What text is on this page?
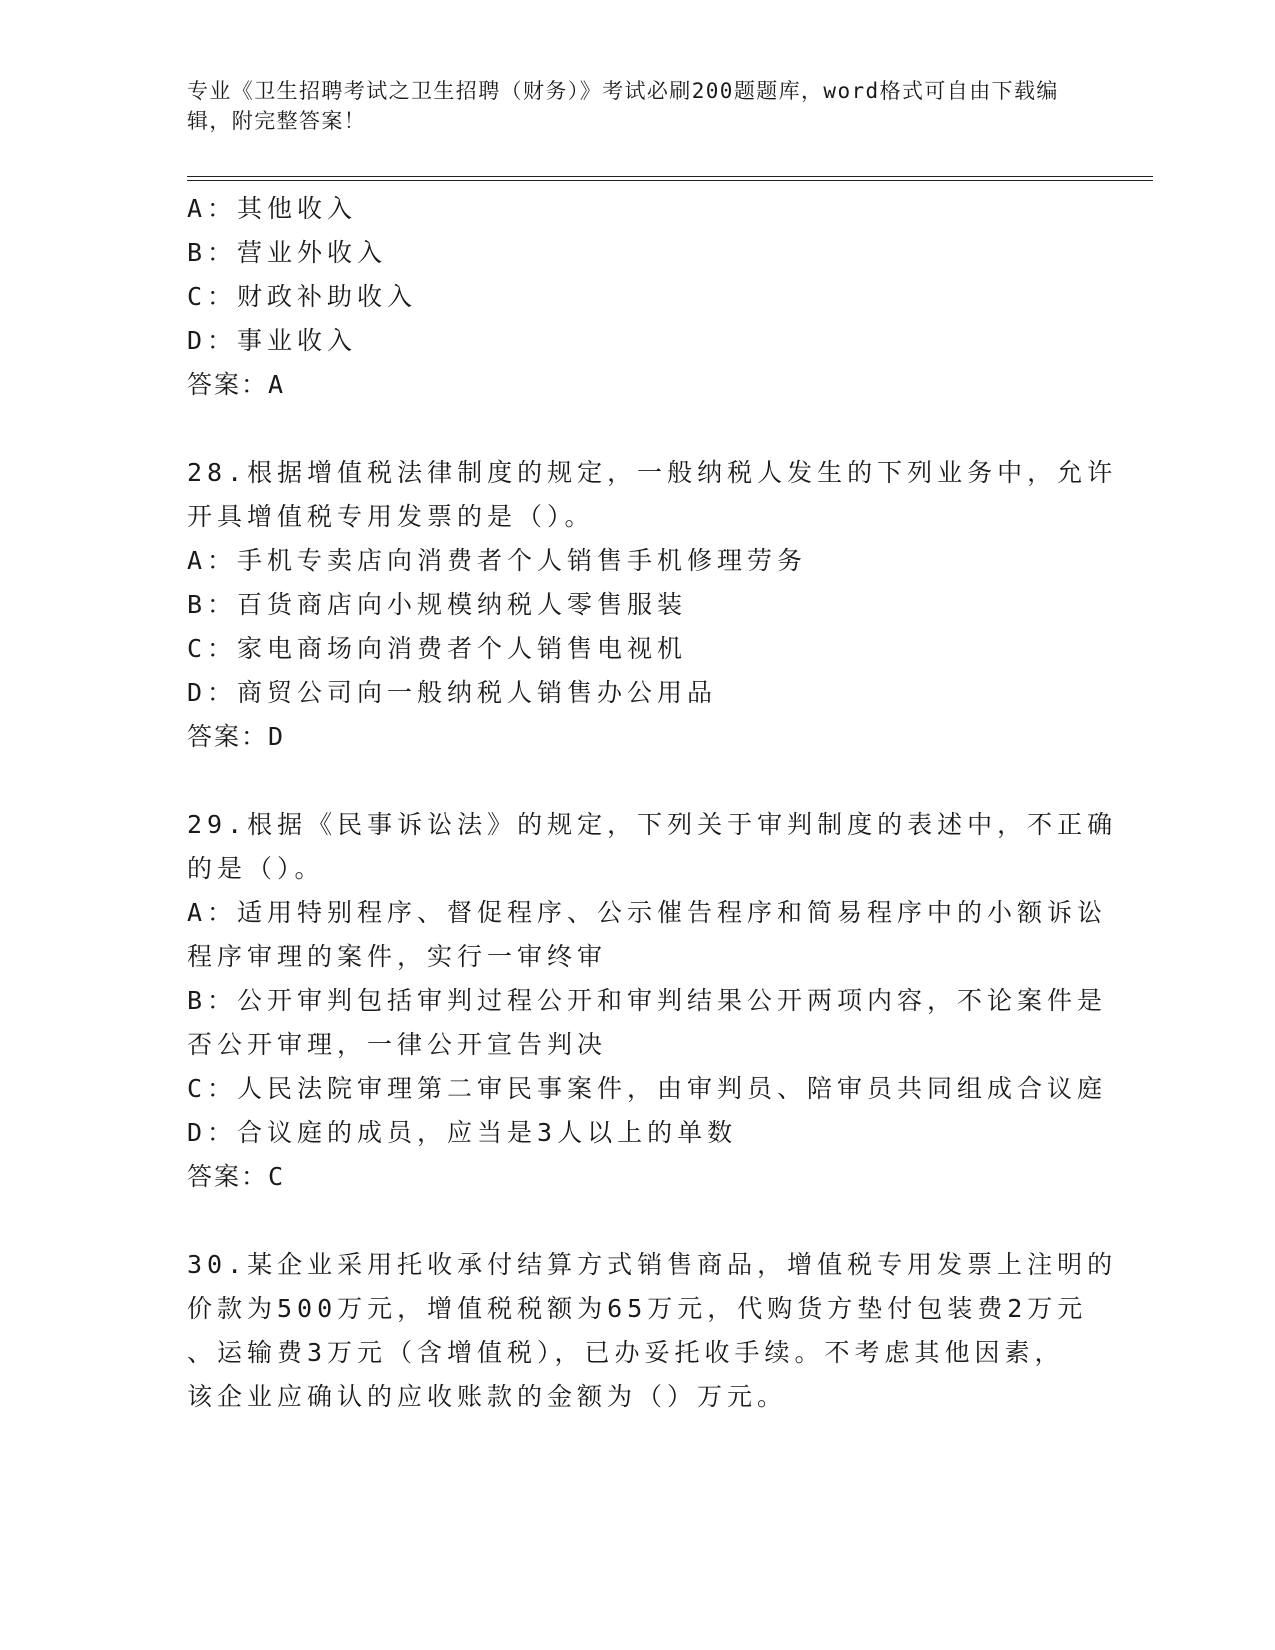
专业《卫生招聘考试之卫生招聘（财务）》考试必刷200题题库，word格式可自由下载编辑，附完整答案！
A：其他收入
B：营业外收入
C：财政补助收入
D：事业收入
答案：A
28.根据增值税法律制度的规定，一般纳税人发生的下列业务中，允许
开具增值税专用发票的是（）。
A：手机专卖店向消费者个人销售手机修理劳务
B：百货商店向小规模纳税人零售服装
C：家电商场向消费者个人销售电视机
D：商贸公司向一般纳税人销售办公用品
答案：D
29.根据《民事诉讼法》的规定，下列关于审判制度的表述中，不正确
的是（）。
A：适用特别程序、督促程序、公示催告程序和简易程序中的小额诉讼
程序审理的案件，实行一审终审
B：公开审判包括审判过程公开和审判结果公开两项内容，不论案件是
否公开审理，一律公开宣告判决
C：人民法院审理第二审民事案件，由审判员、陪审员共同组成合议庭
D：合议庭的成员，应当是3人以上的单数
答案：C
30.某企业采用托收承付结算方式销售商品，增值税专用发票上注明的
价款为500万元，增值税税额为65万元，代购货方垫付包装费2万元
、运输费3万元（含增值税），已办妥托收手续。不考虑其他因素，
该企业应确认的应收账款的金额为（）万元。
